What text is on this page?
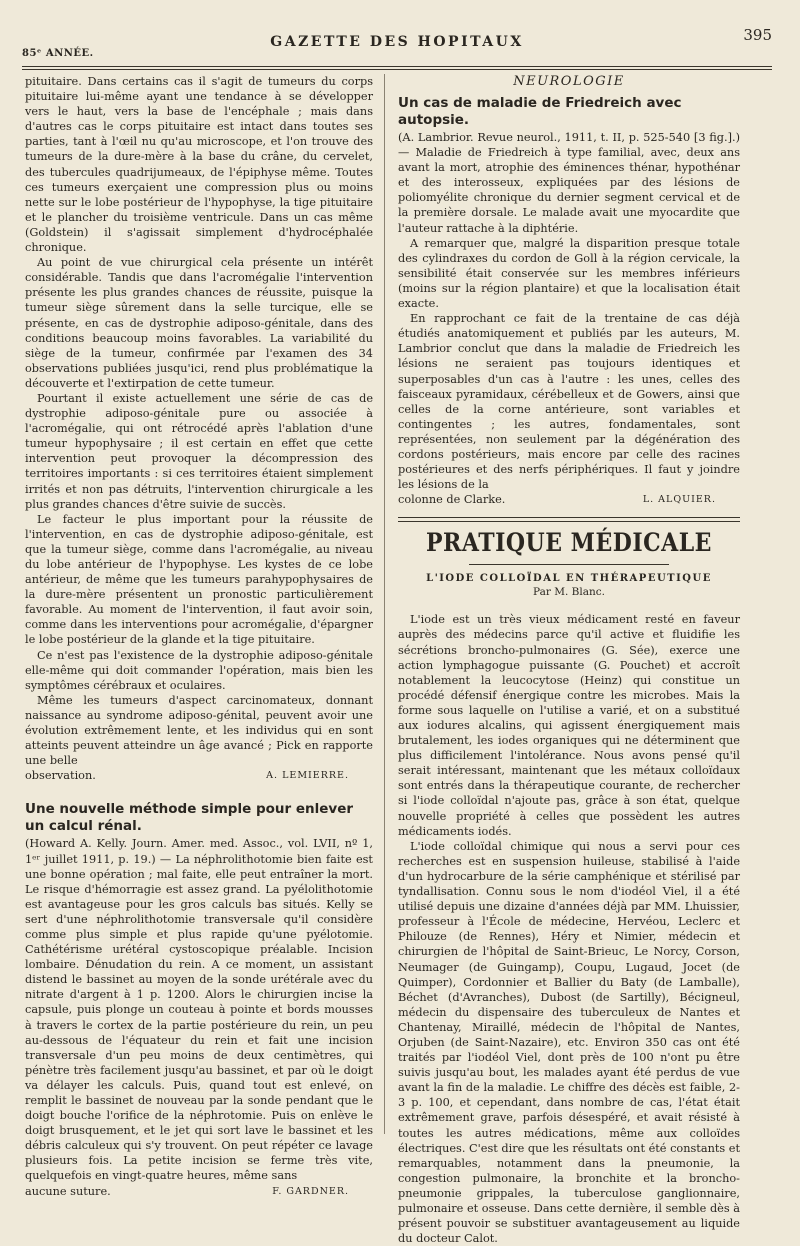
85ᵉ ANNÉE.
GAZETTE DES HOPITAUX	395

pituitaire. Dans certains cas il s'agit de tumeurs du corps pituitaire lui-même ayant une tendance à se développer vers le haut, vers la base de l'encéphale ; mais dans d'autres cas le corps pituitaire est intact dans toutes ses parties, tant à l'œil nu qu'au microscope, et l'on trouve des tumeurs de la dure-mère à la base du crâne, du cervelet, des tubercules quadrijumeaux, de l'épiphyse même. Toutes ces tumeurs exerçaient une compression plus ou moins nette sur le lobe postérieur de l'hypophyse, la tige pituitaire et le plancher du troisième ventricule. Dans un cas même (Goldstein) il s'agissait simplement d'hydrocéphalée chronique.

Au point de vue chirurgical cela présente un intérêt considérable. Tandis que dans l'acromégalie l'intervention présente les plus grandes chances de réussite, puisque la tumeur siège sûrement dans la selle turcique, elle se présente, en cas de dystrophie adiposo-génitale, dans des conditions beaucoup moins favorables. La variabilité du siège de la tumeur, confirmée par l'examen des 34 observations publiées jusqu'ici, rend plus problématique la découverte et l'extirpation de cette tumeur.

Pourtant il existe actuellement une série de cas de dystrophie adiposo-génitale pure ou associée à l'acromégalie, qui ont rétrocédé après l'ablation d'une tumeur hypophysaire ; il est certain en effet que cette intervention peut provoquer la décompression des territoires importants : si ces territoires étaient simplement irrités et non pas détruits, l'intervention chirurgicale a les plus grandes chances d'être suivie de succès.

Le facteur le plus important pour la réussite de l'intervention, en cas de dystrophie adiposo-génitale, est que la tumeur siège, comme dans l'acromégalie, au niveau du lobe antérieur de l'hypophyse. Les kystes de ce lobe antérieur, de même que les tumeurs parahypophysaires de la dure-mère présentent un pronostic particulièrement favorable. Au moment de l'intervention, il faut avoir soin, comme dans les interventions pour acromégalie, d'épargner le lobe postérieur de la glande et la tige pituitaire.

Ce n'est pas l'existence de la dystrophie adiposo-génitale elle-même qui doit commander l'opération, mais bien les symptômes cérébraux et oculaires.

Même les tumeurs d'aspect carcinomateux, donnant naissance au syndrome adiposo-génital, peuvent avoir une évolution extrêmement lente, et les individus qui en sont atteints peuvent atteindre un âge avancé ; Pick en rapporte une belle

observation.	A. LEMIERRE.
Une nouvelle méthode simple pour enlever un calcul rénal.

(Howard A. Kelly. Journ. Amer. med. Assoc., vol. LVII, nº 1, 1ᵉʳ juillet 1911, p. 19.) — La néphrolithotomie bien faite est une bonne opération ; mal faite, elle peut entraîner la mort. Le risque d'hémorragie est assez grand. La pyélolithotomie est avantageuse pour les gros calculs bas situés. Kelly se sert d'une néphrolithotomie transversale qu'il considère comme plus simple et plus rapide qu'une pyélotomie. Cathétérisme urétéral cystoscopique préalable. Incision lombaire. Dénudation du rein. A ce moment, un assistant distend le bassinet au moyen de la sonde urétérale avec du nitrate d'argent à 1 p. 1200. Alors le chirurgien incise la capsule, puis plonge un couteau à pointe et bords mousses à travers le cortex de la partie postérieure du rein, un peu au-dessous de l'équateur du rein et fait une incision transversale d'un peu moins de deux centimètres, qui pénètre très facilement jusqu'au bassinet, et par où le doigt va délayer les calculs. Puis, quand tout est enlevé, on remplit le bassinet de nouveau par la sonde pendant que le doigt bouche l'orifice de la néphrotomie. Puis on enlève le doigt brusquement, et le jet qui sort lave le bassinet et les débris calculeux qui s'y trouvent. On peut répéter ce lavage plusieurs fois. La petite incision se ferme très vite, quelquefois en vingt-quatre heures, même sans

aucune suture.	F. GARDNER.
NEUROLOGIE
Un cas de maladie de Friedreich avec autopsie.

(A. Lambrior. Revue neurol., 1911, t. II, p. 525-540 [3 fig.].) — Maladie de Friedreich à type familial, avec, deux ans avant la mort, atrophie des éminences thénar, hypothénar et des interosseux, expliquées par des lésions de poliomyélite chronique du dernier segment cervical et de la première dorsale. Le malade avait une myocardite que l'auteur rattache à la diphtérie.

A remarquer que, malgré la disparition presque totale des cylindraxes du cordon de Goll à la région cervicale, la sensibilité était conservée sur les membres inférieurs (moins sur la région plantaire) et que la localisation était exacte.

En rapprochant ce fait de la trentaine de cas déjà étudiés anatomiquement et publiés par les auteurs, M. Lambrior conclut que dans la maladie de Friedreich les lésions ne seraient pas toujours identiques et superposables d'un cas à l'autre : les unes, celles des faisceaux pyramidaux, cérébelleux et de Gowers, ainsi que celles de la corne antérieure, sont variables et contingentes ; les autres, fondamentales, sont représentées, non seulement par la dégénération des cordons postérieurs, mais encore par celle des racines postérieures et des nerfs périphériques. Il faut y joindre les lésions de la

colonne de Clarke.	L. ALQUIER.
PRATIQUE MÉDICALE
L'IODE COLLOÏDAL EN THÉRAPEUTIQUE
Par M. Blanc.

L'iode est un très vieux médicament resté en faveur auprès des médecins parce qu'il active et fluidifie les sécrétions broncho-pulmonaires (G. Sée), exerce une action lymphagogue puissante (G. Pouchet) et accroît notablement la leucocytose (Heinz) qui constitue un procédé défensif énergique contre les microbes. Mais la forme sous laquelle on l'utilise a varié, et on a substitué aux iodures alcalins, qui agissent énergiquement mais brutalement, les iodes organiques qui ne déterminent que plus difficilement l'intolérance. Nous avons pensé qu'il serait intéressant, maintenant que les métaux colloïdaux sont entrés dans la thérapeutique courante, de rechercher si l'iode colloïdal n'ajoute pas, grâce à son état, quelque nouvelle propriété à celles que possèdent les autres médicaments iodés.

L'iode colloïdal chimique qui nous a servi pour ces recherches est en suspension huileuse, stabilisé à l'aide d'un hydrocarbure de la série camphénique et stérilisé par tyndallisation. Connu sous le nom d'iodéol Viel, il a été utilisé depuis une dizaine d'années déjà par MM. Lhuissier, professeur à l'École de médecine, Hervéou, Leclerc et Philouze (de Rennes), Héry et Nimier, médecin et chirurgien de l'hôpital de Saint-Brieuc, Le Norcy, Corson, Neumager (de Guingamp), Coupu, Lugaud, Jocet (de Quimper), Cordonnier et Ballier du Baty (de Lamballe), Béchet (d'Avranches), Dubost (de Sartilly), Bécigneul, médecin du dispensaire des tuberculeux de Nantes et Chantenay, Miraillé, médecin de l'hôpital de Nantes, Orjuben (de Saint-Nazaire), etc. Environ 350 cas ont été traités par l'iodéol Viel, dont près de 100 n'ont pu être suivis jusqu'au bout, les malades ayant été perdus de vue avant la fin de la maladie. Le chiffre des décès est faible, 2-3 p. 100, et cependant, dans nombre de cas, l'état était extrêmement grave, parfois désespéré, et avait résisté à toutes les autres médications, même aux colloïdes électriques. C'est dire que les résultats ont été constants et remarquables, notamment dans la pneumonie, la congestion pulmonaire, la bronchite et la broncho-pneumonie grippales, la tuberculose ganglionnaire, pulmonaire et osseuse. Dans cette dernière, il semble dès à présent pouvoir se substituer avantageusement au liquide du docteur Calot.
